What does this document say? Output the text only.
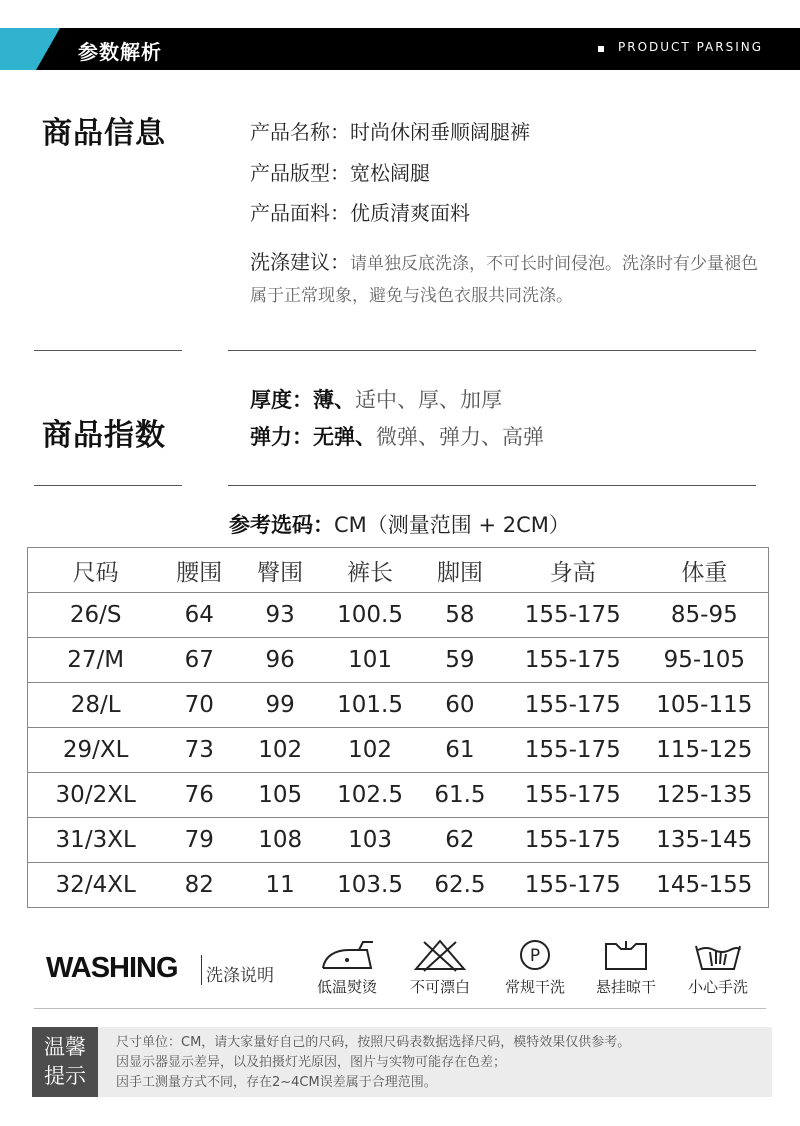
参数解析	PRODUCT PARSING
商品信息	产品名称：时尚休闲垂顺阔腿裤
产品版型：宽松阔腿
产品面料：优质清爽面料
洗涤建议：请单独反底洗涤，不可长时间侵泡。洗涤时有少量褪色属于正常现象，避免与浅色衣服共同洗涤。
商品指数
厚度：薄、适中、厚、加厚
弹力：无弹、微弹、弹力、高弹
参考选码：CM（测量范围 + 2CM）
尺码	腰围	臀围	裤长	脚围	身高	体重
26/S	64	93	100.5	58	155-175	85-95
27/M	67	96	101	59	155-175	95-105
28/L	70	99	101.5	60	155-175	105-115
29/XL	73	102	102	61	155-175	115-125
30/2XL	76	105	102.5	61.5	155-175	125-135
31/3XL	79	108	103	62	155-175	135-145
32/4XL	82	11	103.5	62.5	155-175	145-155
WASHING 洗涤说明
低温熨烫	不可漂白
P
常规干洗	悬挂晾干	小心手洗
温馨
提示
尺寸单位：CM，请大家量好自己的尺码，按照尺码表数据选择尺码，模特效果仅供参考。
因显示器显示差异，以及拍摄灯光原因，图片与实物可能存在色差；
因手工测量方式不同，存在2~4CM误差属于合理范围。
